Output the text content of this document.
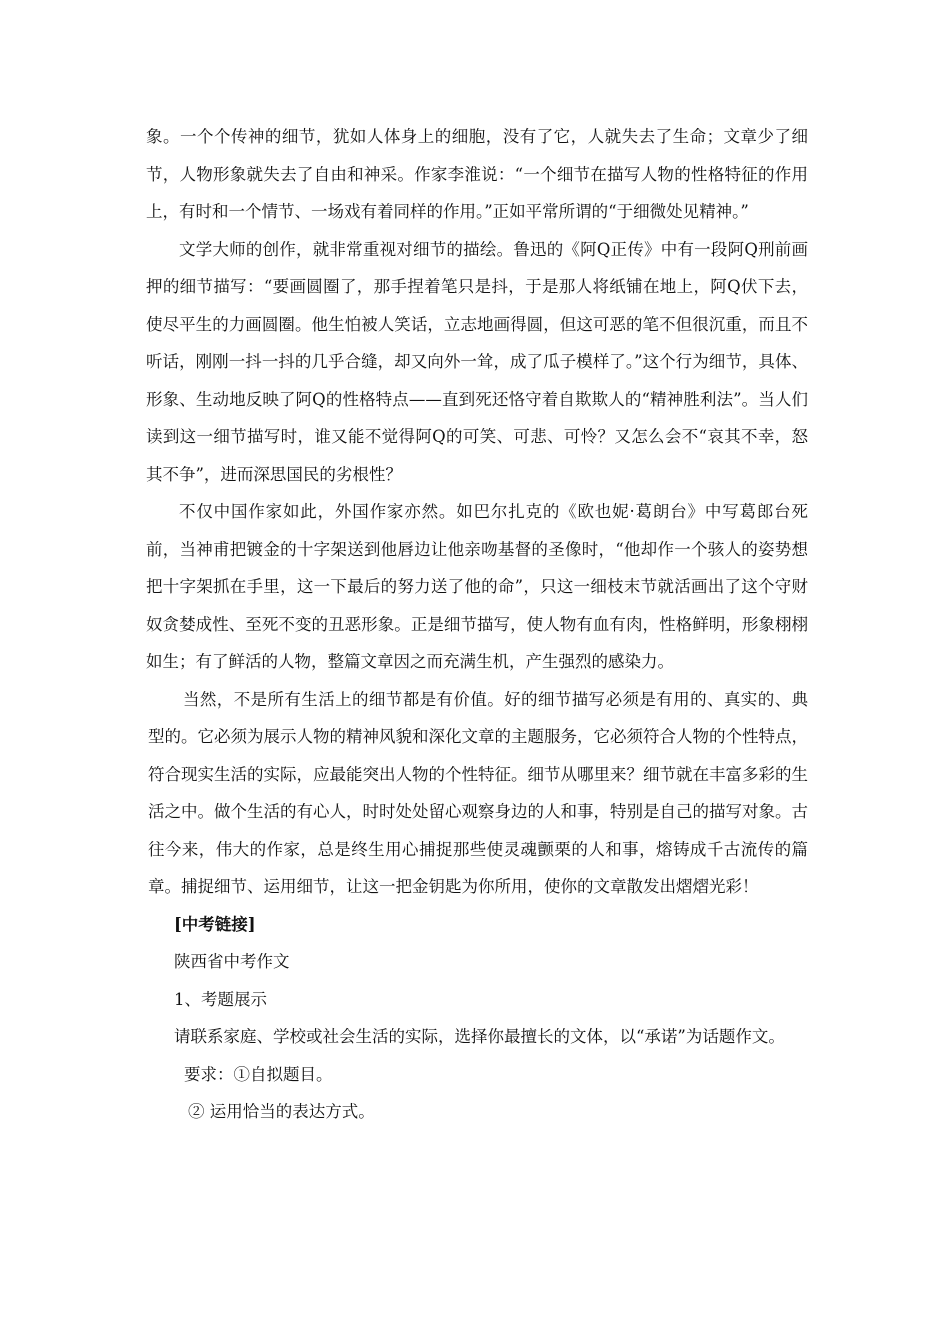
象。一个个传神的细节，犹如人体身上的细胞，没有了它，人就失去了生命；文章少了细节，人物形象就失去了自由和神采。作家李淮说：“一个细节在描写人物的性格特征的作用上，有时和一个情节、一场戏有着同样的作用。”正如平常所谓的“于细微处见精神。”

文学大师的创作，就非常重视对细节的描绘。鲁迅的《阿Q正传》中有一段阿Q刑前画押的细节描写：“要画圆圈了，那手捏着笔只是抖，于是那人将纸铺在地上，阿Q伏下去，使尽平生的力画圆圈。他生怕被人笑话，立志地画得圆，但这可恶的笔不但很沉重，而且不听话，刚刚一抖一抖的几乎合缝，却又向外一耸，成了瓜子模样了。”这个行为细节，具体、形象、生动地反映了阿Q的性格特点——直到死还恪守着自欺欺人的“精神胜利法”。当人们读到这一细节描写时，谁又能不觉得阿Q的可笑、可悲、可怜？又怎么会不“哀其不幸，怒其不争”，进而深思国民的劣根性？

不仅中国作家如此，外国作家亦然。如巴尔扎克的《欧也妮·葛朗台》中写葛郎台死前，当神甫把镀金的十字架送到他唇边让他亲吻基督的圣像时，“他却作一个骇人的姿势想把十字架抓在手里，这一下最后的努力送了他的命”，只这一细枝末节就活画出了这个守财奴贪婪成性、至死不变的丑恶形象。正是细节描写，使人物有血有肉，性格鲜明，形象栩栩如生；有了鲜活的人物，整篇文章因之而充满生机，产生强烈的感染力。

当然，不是所有生活上的细节都是有价值。好的细节描写必须是有用的、真实的、典型的。它必须为展示人物的精神风貌和深化文章的主题服务，它必须符合人物的个性特点，符合现实生活的实际，应最能突出人物的个性特征。细节从哪里来？细节就在丰富多彩的生活之中。做个生活的有心人，时时处处留心观察身边的人和事，特别是自己的描写对象。古往今来，伟大的作家，总是终生用心捕捉那些使灵魂颤栗的人和事，熔铸成千古流传的篇章。捕捉细节、运用细节，让这一把金钥匙为你所用，使你的文章散发出熠熠光彩！

[中考链接]

陕西省中考作文

1、考题展示

请联系家庭、学校或社会生活的实际，选择你最擅长的文体，以“承诺”为话题作文。

要求：①自拟题目。

② 运用恰当的表达方式。
